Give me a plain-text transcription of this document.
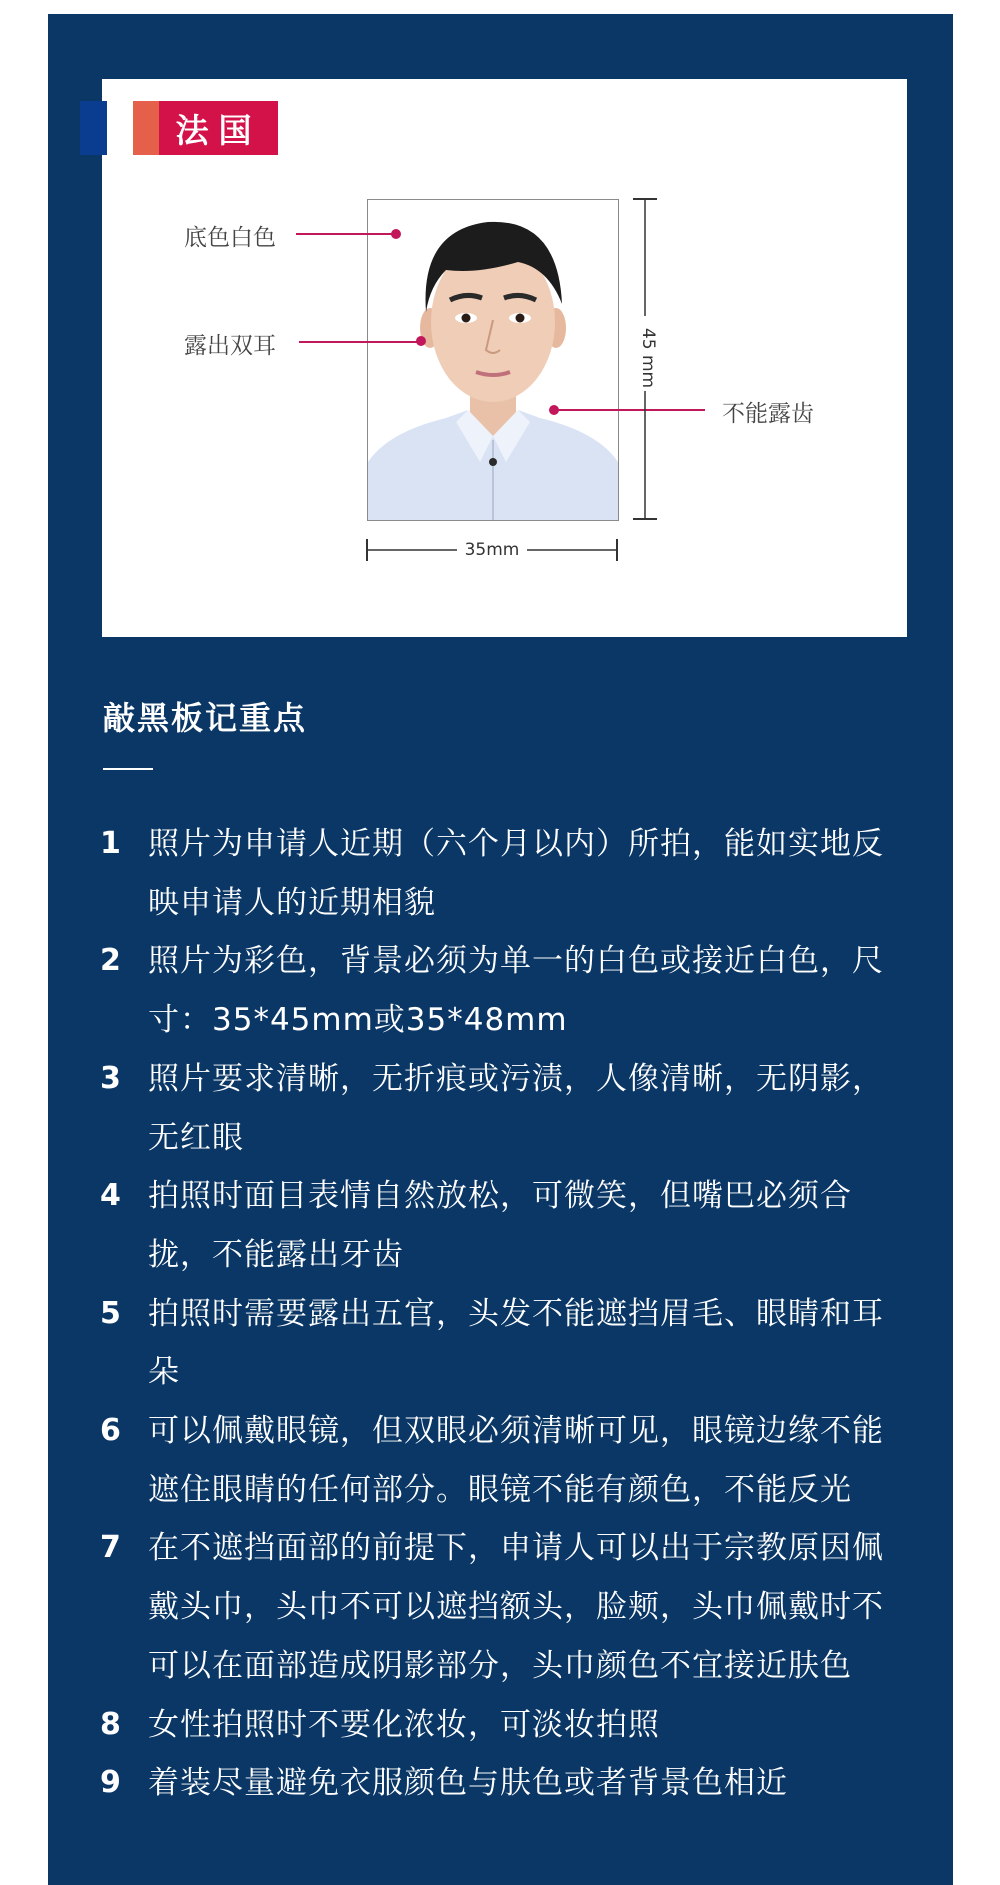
法国
底色白色
露出双耳
不能露齿
45 mm
35mm
敲黑板记重点
1 照片为申请人近期（六个月以内）所拍，能如实地反映申请人的近期相貌
2 照片为彩色，背景必须为单一的白色或接近白色，尺寸：35*45mm或35*48mm
3 照片要求清晰，无折痕或污渍，人像清晰，无阴影，无红眼
4 拍照时面目表情自然放松，可微笑，但嘴巴必须合拢，不能露出牙齿
5 拍照时需要露出五官，头发不能遮挡眉毛、眼睛和耳朵
6 可以佩戴眼镜，但双眼必须清晰可见，眼镜边缘不能遮住眼睛的任何部分。眼镜不能有颜色，不能反光
7 在不遮挡面部的前提下，申请人可以出于宗教原因佩戴头巾，头巾不可以遮挡额头，脸颊，头巾佩戴时不可以在面部造成阴影部分，头巾颜色不宜接近肤色
8 女性拍照时不要化浓妆，可淡妆拍照
9 着装尽量避免衣服颜色与肤色或者背景色相近
